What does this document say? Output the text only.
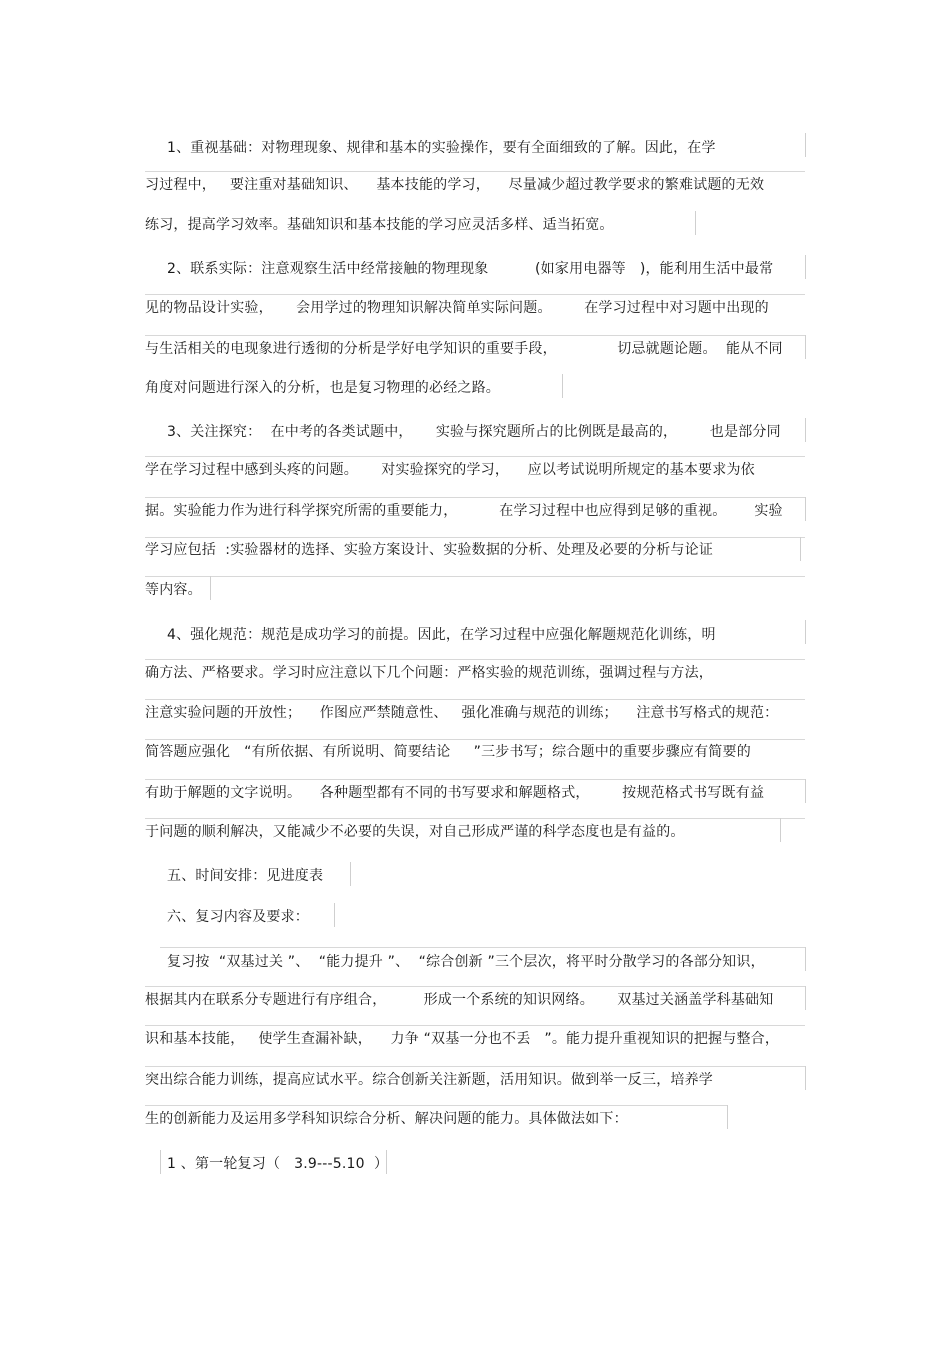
1、重视基础：对物理现象、规律和基本的实验操作，要有全面细致的了解。因此，在学
习过程中，   要注重对基础知识、    基本技能的学习，    尽量减少超过教学要求的繁难试题的无效
练习，提高学习效率。基础知识和基本技能的学习应灵活多样、适当拓宽。
2、联系实际：注意观察生活中经常接触的物理现象          (如家用电器等   )，能利用生活中最常
见的物品设计实验，     会用学过的物理知识解决简单实际问题。       在学习过程中对习题中出现的
与生活相关的电现象进行透彻的分析是学好电学知识的重要手段，             切忌就题论题。  能从不同
角度对问题进行深入的分析，也是复习物理的必经之路。
3、关注探究：  在中考的各类试题中，     实验与探究题所占的比例既是最高的，       也是部分同
学在学习过程中感到头疼的问题。     对实验探究的学习，    应以考试说明所规定的基本要求为依
据。实验能力作为进行科学探究所需的重要能力，         在学习过程中也应得到足够的重视。      实验
学习应包括  :实验器材的选择、实验方案设计、实验数据的分析、处理及必要的分析与论证
等内容。
4、强化规范：规范是成功学习的前提。因此，在学习过程中应强化解题规范化训练，明
确方法、严格要求。学习时应注意以下几个问题：严格实验的规范训练，强调过程与方法，
注意实验问题的开放性；    作图应严禁随意性、   强化准确与规范的训练；    注意书写格式的规范：
简答题应强化   “有所依据、有所说明、简要结论     ”三步书写；综合题中的重要步骤应有简要的
有助于解题的文字说明。    各种题型都有不同的书写要求和解题格式，       按规范格式书写既有益
于问题的顺利解决，又能减少不必要的失误，对自己形成严谨的科学态度也是有益的。
五、时间安排：见进度表
六、复习内容及要求：
复习按  “双基过关 ”、  “能力提升 ”、  “综合创新 ”三个层次，将平时分散学习的各部分知识，
根据其内在联系分专题进行有序组合，        形成一个系统的知识网络。     双基过关涵盖学科基础知
识和基本技能，   使学生查漏补缺，    力争 “双基一分也不丢   ”。能力提升重视知识的把握与整合，
突出综合能力训练，提高应试水平。综合创新关注新题，活用知识。做到举一反三，培养学
生的创新能力及运用多学科知识综合分析、解决问题的能力。具体做法如下：
1 、第一轮复习（   3.9---5.10  ）
